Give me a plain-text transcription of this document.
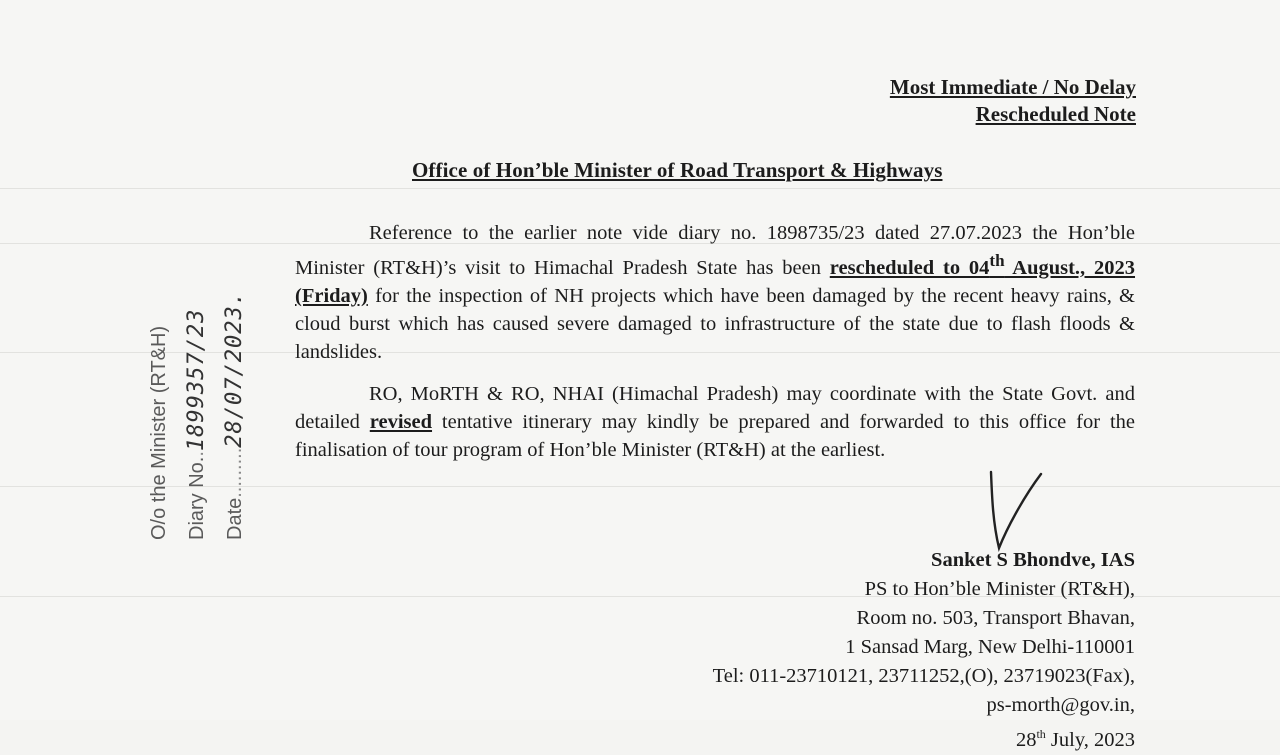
Most Immediate / No Delay
Rescheduled Note
Office of Hon’ble Minister of Road Transport & Highways

Reference to the earlier note vide diary no. 1898735/23 dated 27.07.2023 the Hon’ble Minister (RT&H)’s visit to Himachal Pradesh State has been rescheduled to 04th August., 2023 (Friday) for the inspection of NH projects which have been damaged by the recent heavy rains, & cloud burst which has caused severe damaged to infrastructure of the state due to flash floods & landslides.

RO, MoRTH & RO, NHAI (Himachal Pradesh) may coordinate with the State Govt. and detailed revised tentative itinerary may kindly be prepared and forwarded to this office for the finalisation of tour program of Hon’ble Minister (RT&H) at the earliest.

O/o the Minister (RT&H) Diary No..1899357/23
Date.........28/07/2023.
Sanket S Bhondve, IAS
PS to Hon’ble Minister (RT&H),
Room no. 503, Transport Bhavan,
1 Sansad Marg, New Delhi-110001
Tel: 011-23710121, 23711252,(O), 23719023(Fax),
ps-morth@gov.in,
28th July, 2023
